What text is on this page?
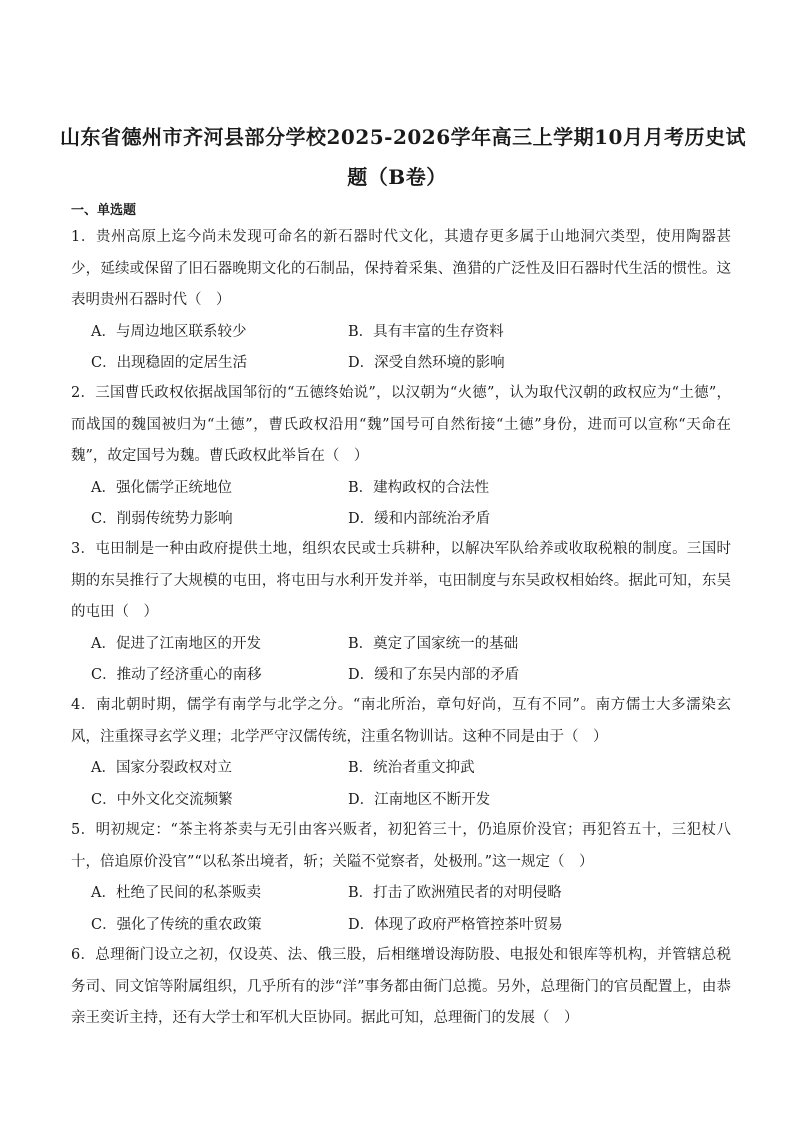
山东省德州市齐河县部分学校2025-2026学年高三上学期10月月考历史试
题（B卷）
一、单选题
1．贵州高原上迄今尚未发现可命名的新石器时代文化，其遗存更多属于山地洞穴类型，使用陶器甚少，延续或保留了旧石器晚期文化的石制品，保持着采集、渔猎的广泛性及旧石器时代生活的惯性。这表明贵州石器时代（　）
A．与周边地区联系较少	B．具有丰富的生存资料
C．出现稳固的定居生活	D．深受自然环境的影响
2．三国曹氏政权依据战国邹衍的“五德终始说”，以汉朝为“火德”，认为取代汉朝的政权应为“土德”，而战国的魏国被归为“土德”，曹氏政权沿用“魏”国号可自然衔接“土德”身份，进而可以宣称“天命在魏”，故定国号为魏。曹氏政权此举旨在（　）
A．强化儒学正统地位	B．建构政权的合法性
C．削弱传统势力影响	D．缓和内部统治矛盾
3．屯田制是一种由政府提供土地，组织农民或士兵耕种，以解决军队给养或收取税粮的制度。三国时期的东吴推行了大规模的屯田，将屯田与水利开发并举，屯田制度与东吴政权相始终。据此可知，东吴的屯田（　）
A．促进了江南地区的开发	B．奠定了国家统一的基础
C．推动了经济重心的南移	D．缓和了东吴内部的矛盾
4．南北朝时期，儒学有南学与北学之分。“南北所治，章句好尚，互有不同”。南方儒士大多濡染玄风，注重探寻玄学义理；北学严守汉儒传统，注重名物训诂。这种不同是由于（　）
A．国家分裂政权对立	B．统治者重文抑武
C．中外文化交流频繁	D．江南地区不断开发
5．明初规定：“茶主将茶卖与无引由客兴贩者，初犯笞三十，仍追原价没官；再犯笞五十，三犯杖八十，倍追原价没官”“以私茶出境者，斩；关隘不觉察者，处极刑。”这一规定（　）
A．杜绝了民间的私茶贩卖	B．打击了欧洲殖民者的对明侵略
C．强化了传统的重农政策	D．体现了政府严格管控茶叶贸易
6．总理衙门设立之初，仅设英、法、俄三股，后相继增设海防股、电报处和银库等机构，并管辖总税务司、同文馆等附属组织，几乎所有的涉“洋”事务都由衙门总揽。另外，总理衙门的官员配置上，由恭亲王奕䜣主持，还有大学士和军机大臣协同。据此可知，总理衙门的发展（　）
